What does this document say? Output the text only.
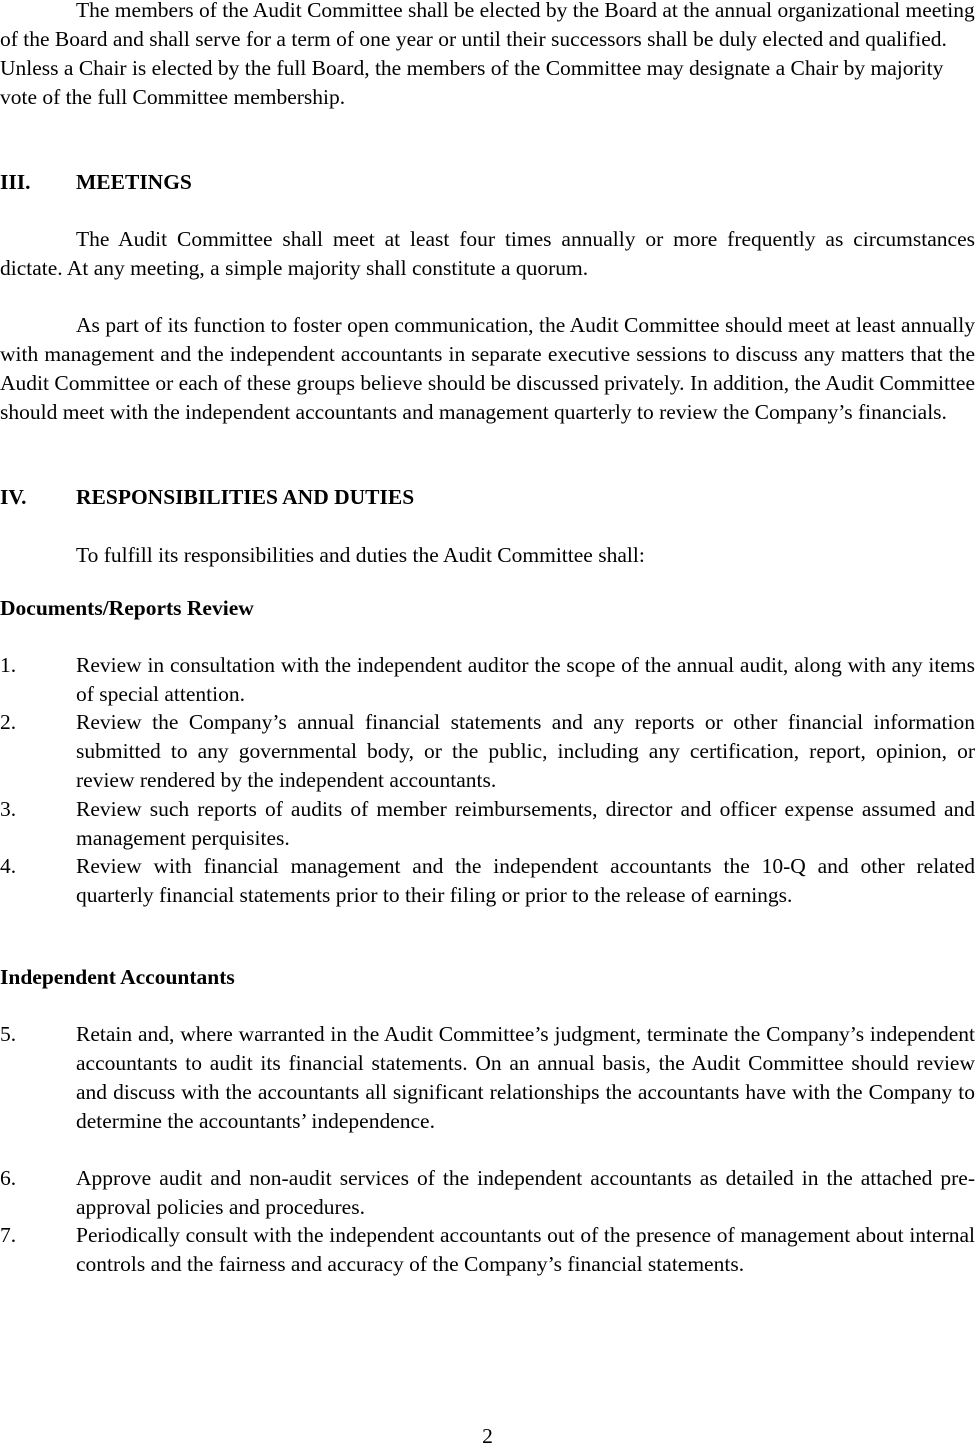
The members of the Audit Committee shall be elected by the Board at the annual organizational meeting of the Board and shall serve for a term of one year or until their successors shall be duly elected and qualified. Unless a Chair is elected by the full Board, the members of the Committee may designate a Chair by majority vote of the full Committee membership.

III. MEETINGS

The Audit Committee shall meet at least four times annually or more frequently as circumstances dictate. At any meeting, a simple majority shall constitute a quorum.

As part of its function to foster open communication, the Audit Committee should meet at least annually with management and the independent accountants in separate executive sessions to discuss any matters that the Audit Committee or each of these groups believe should be discussed privately. In addition, the Audit Committee should meet with the independent accountants and management quarterly to review the Company’s financials.

IV. RESPONSIBILITIES AND DUTIES

To fulfill its responsibilities and duties the Audit Committee shall:

Documents/Reports Review
1.	Review in consultation with the independent auditor the scope of the annual audit, along with any items of special attention.
2.	Review the Company’s annual financial statements and any reports or other financial information submitted to any governmental body, or the public, including any certification, report, opinion, or review rendered by the independent accountants.
3.	Review such reports of audits of member reimbursements, director and officer expense assumed and management perquisites.
4.	Review with financial management and the independent accountants the 10-Q and other related quarterly financial statements prior to their filing or prior to the release of earnings.
Independent Accountants
5.	Retain and, where warranted in the Audit Committee’s judgment, terminate the Company’s independent accountants to audit its financial statements. On an annual basis, the Audit Committee should review and discuss with the accountants all significant relationships the accountants have with the Company to determine the accountants’ independence.
6.	Approve audit and non-audit services of the independent accountants as detailed in the attached pre-approval policies and procedures.
7.	Periodically consult with the independent accountants out of the presence of management about internal controls and the fairness and accuracy of the Company’s financial statements.
2
